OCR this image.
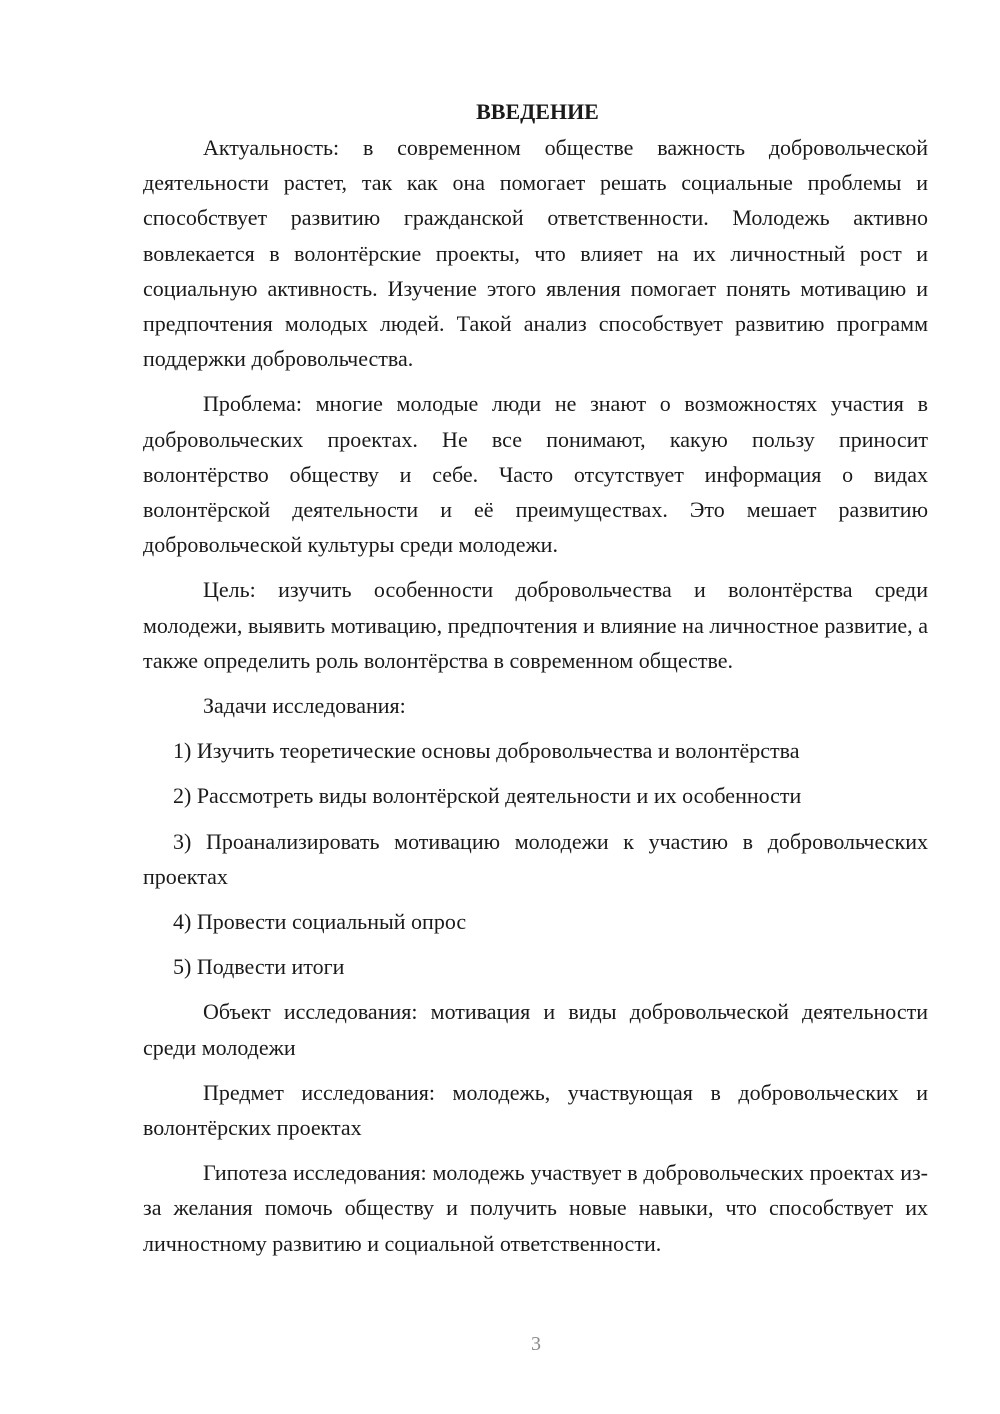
ВВЕДЕНИЕ

Актуальность: в современном обществе важность добровольческой деятельности растет, так как она помогает решать социальные проблемы и способствует развитию гражданской ответственности. Молодежь активно вовлекается в волонтёрские проекты, что влияет на их личностный рост и социальную активность. Изучение этого явления помогает понять мотивацию и предпочтения молодых людей. Такой анализ способствует развитию программ поддержки добровольчества.

Проблема: многие молодые люди не знают о возможностях участия в добровольческих проектах. Не все понимают, какую пользу приносит волонтёрство обществу и себе. Часто отсутствует информация о видах волонтёрской деятельности и её преимуществах. Это мешает развитию добровольческой культуры среди молодежи.

Цель: изучить особенности добровольчества и волонтёрства среди молодежи, выявить мотивацию, предпочтения и влияние на личностное развитие, а также определить роль волонтёрства в современном обществе.

Задачи исследования:

1) Изучить теоретические основы добровольчества и волонтёрства

2) Рассмотреть виды волонтёрской деятельности и их особенности

3) Проанализировать мотивацию молодежи к участию в добровольческих проектах

4) Провести социальный опрос

5) Подвести итоги

Объект исследования: мотивация и виды добровольческой деятельности среди молодежи

Предмет исследования: молодежь, участвующая в добровольческих и волонтёрских проектах

Гипотеза исследования: молодежь участвует в добровольческих проектах из-за желания помочь обществу и получить новые навыки, что способствует их личностному развитию и социальной ответственности.

3
